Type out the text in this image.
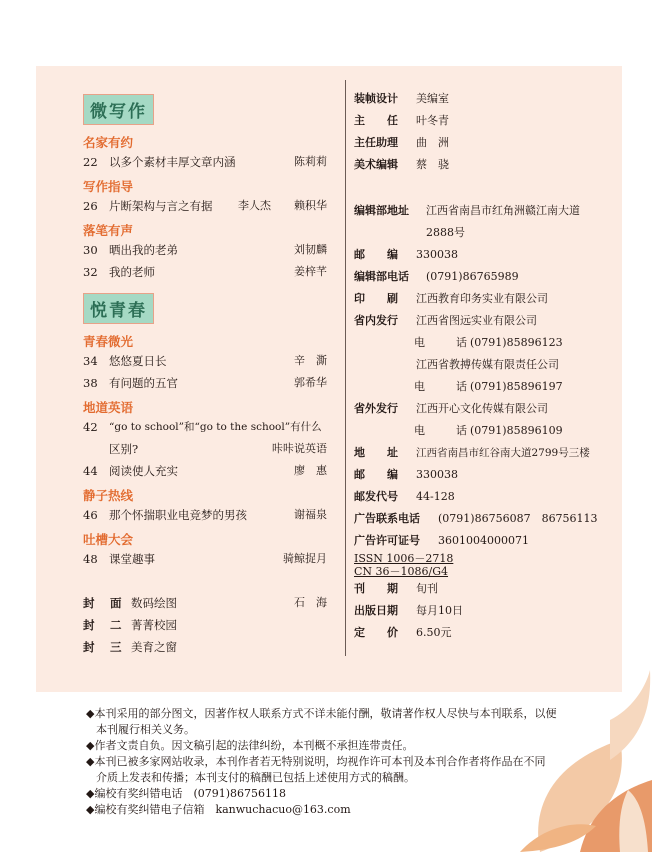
微写作
名家有约
22 以多个素材丰厚文章内涵	陈莉莉
写作指导
26 片断架构与言之有据 李人杰 赖积华
落笔有声
30 晒出我的老弟	刘韧麟
32 我的老师	姜梓芊
悦青春
青春微光
34 悠悠夏日长	辛　澌
38 有问题的五官	郭希华
地道英语
42	“go to school”和“go to the school”有什么
区别?	咔咔说英语
44 阅读使人充实	廖　惠
静子热线
46 那个怀揣职业电竞梦的男孩	谢福泉
吐槽大会
48 课堂趣事	骑鲸捉月
封　面 数码绘图	石　海
封　二 菁菁校园
封　三 美育之窗
装帧设计 美编室
主　　任 叶冬青
主任助理 曲　洲
美术编辑 蔡　骁
编辑部地址 江西省南昌市红角洲赣江南大道
2888号
邮　　编 330038
编辑部电话 (0791)86765989
印　　刷 江西教育印务实业有限公司
省内发行 江西省图远实业有限公司
电　话(0791)85896123
江西省教搏传媒有限责任公司
电　话(0791)85896197
省外发行 江西开心文化传媒有限公司
电　话(0791)85896109
地　　址 江西省南昌市红谷南大道2799号三楼
邮　　编 330038
邮发代号 44-128
广告联系电话 (0791)86756087　86756113
广告许可证号 3601004000071
ISSN 1006－2718
CN 36－1086/G4
刊　　期 旬刊
出版日期 每月10日
定　　价 6.50元

◆本刊采用的部分图文，因著作权人联系方式不详未能付酬，敬请著作权人尽快与本刊联系，以便

本刊履行相关义务。

◆作者文责自负。因文稿引起的法律纠纷，本刊概不承担连带责任。

◆本刊已被多家网站收录，本刊作者若无特别说明，均视作许可本刊及本刊合作者将作品在不同

介质上发表和传播；本刊支付的稿酬已包括上述使用方式的稿酬。

◆编校有奖纠错电话　(0791)86756118

◆编校有奖纠错电子信箱　kanwuchacuo@163.com
